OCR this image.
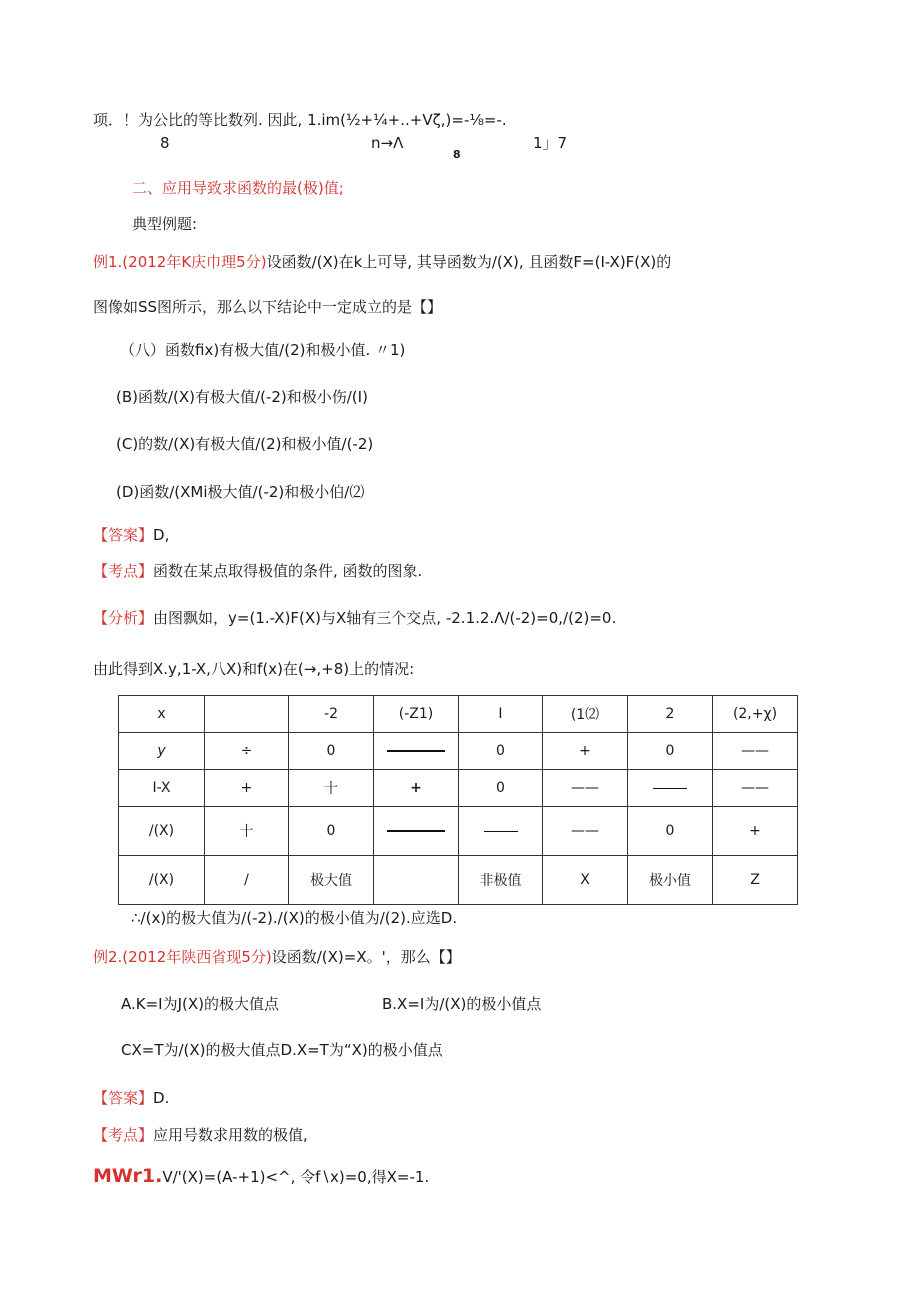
项．！为公比的等比数列. 因此, 1.im(½+¼+..+Vζ,)=-⅛=-.
8	n→Λ
8
1」7
二、应用导致求函数的最(极)值;
典型例题:
例1.(2012年K庆巾理5分)设函数/(X)在k上可导, 其导函数为/(X), 且函数F=(I-X)F(X)的
图像如SS图所示，那么以下结论中一定成立的是【】
（八）函数fix)有极大值/(2)和极小值. 〃1)
(B)函数/(X)有极大值/(-2)和极小伤/(I)
(C)的数/(X)有极大值/(2)和极小值/(-2)
(D)函数/(XMi极大值/(-2)和极小伯/⑵
【答案】D,
【考点】函数在某点取得极值的条件, 函数的图象.
【分析】由图飘如，y=(1.-X)F(X)与X轴有三个交点, -2.1.2.Λ/(-2)=0,/(2)=0.
由此得到X.y,1-X,八X)和f(x)在(→,+8)上的情况:
x		-2	(-Z1)	I	(1⑵	2	(2,+χ)
y	÷	0		0	+	0	——
I-X	+	十	+	0	——		——
/(X)	十	0			——	0	+
/(X)	/	极大值		非极值	X	极小值	Z
∴/(x)的极大值为/(-2)./(X)的极小值为/(2).应选D.
例2.(2012年陕西省现5分)设函数/(X)=X。'，那么【】
A.K=I为J(X)的极大值点	B.X=I为/(X)的极小值点
CX=T为/(X)的极大值点D.X=T为“X)的极小值点
【答案】D.
【考点】应用号数求用数的极值,
MWr1.V/'(X)=(A-+1)<^, 令f∖x)=0,得X=-1.
